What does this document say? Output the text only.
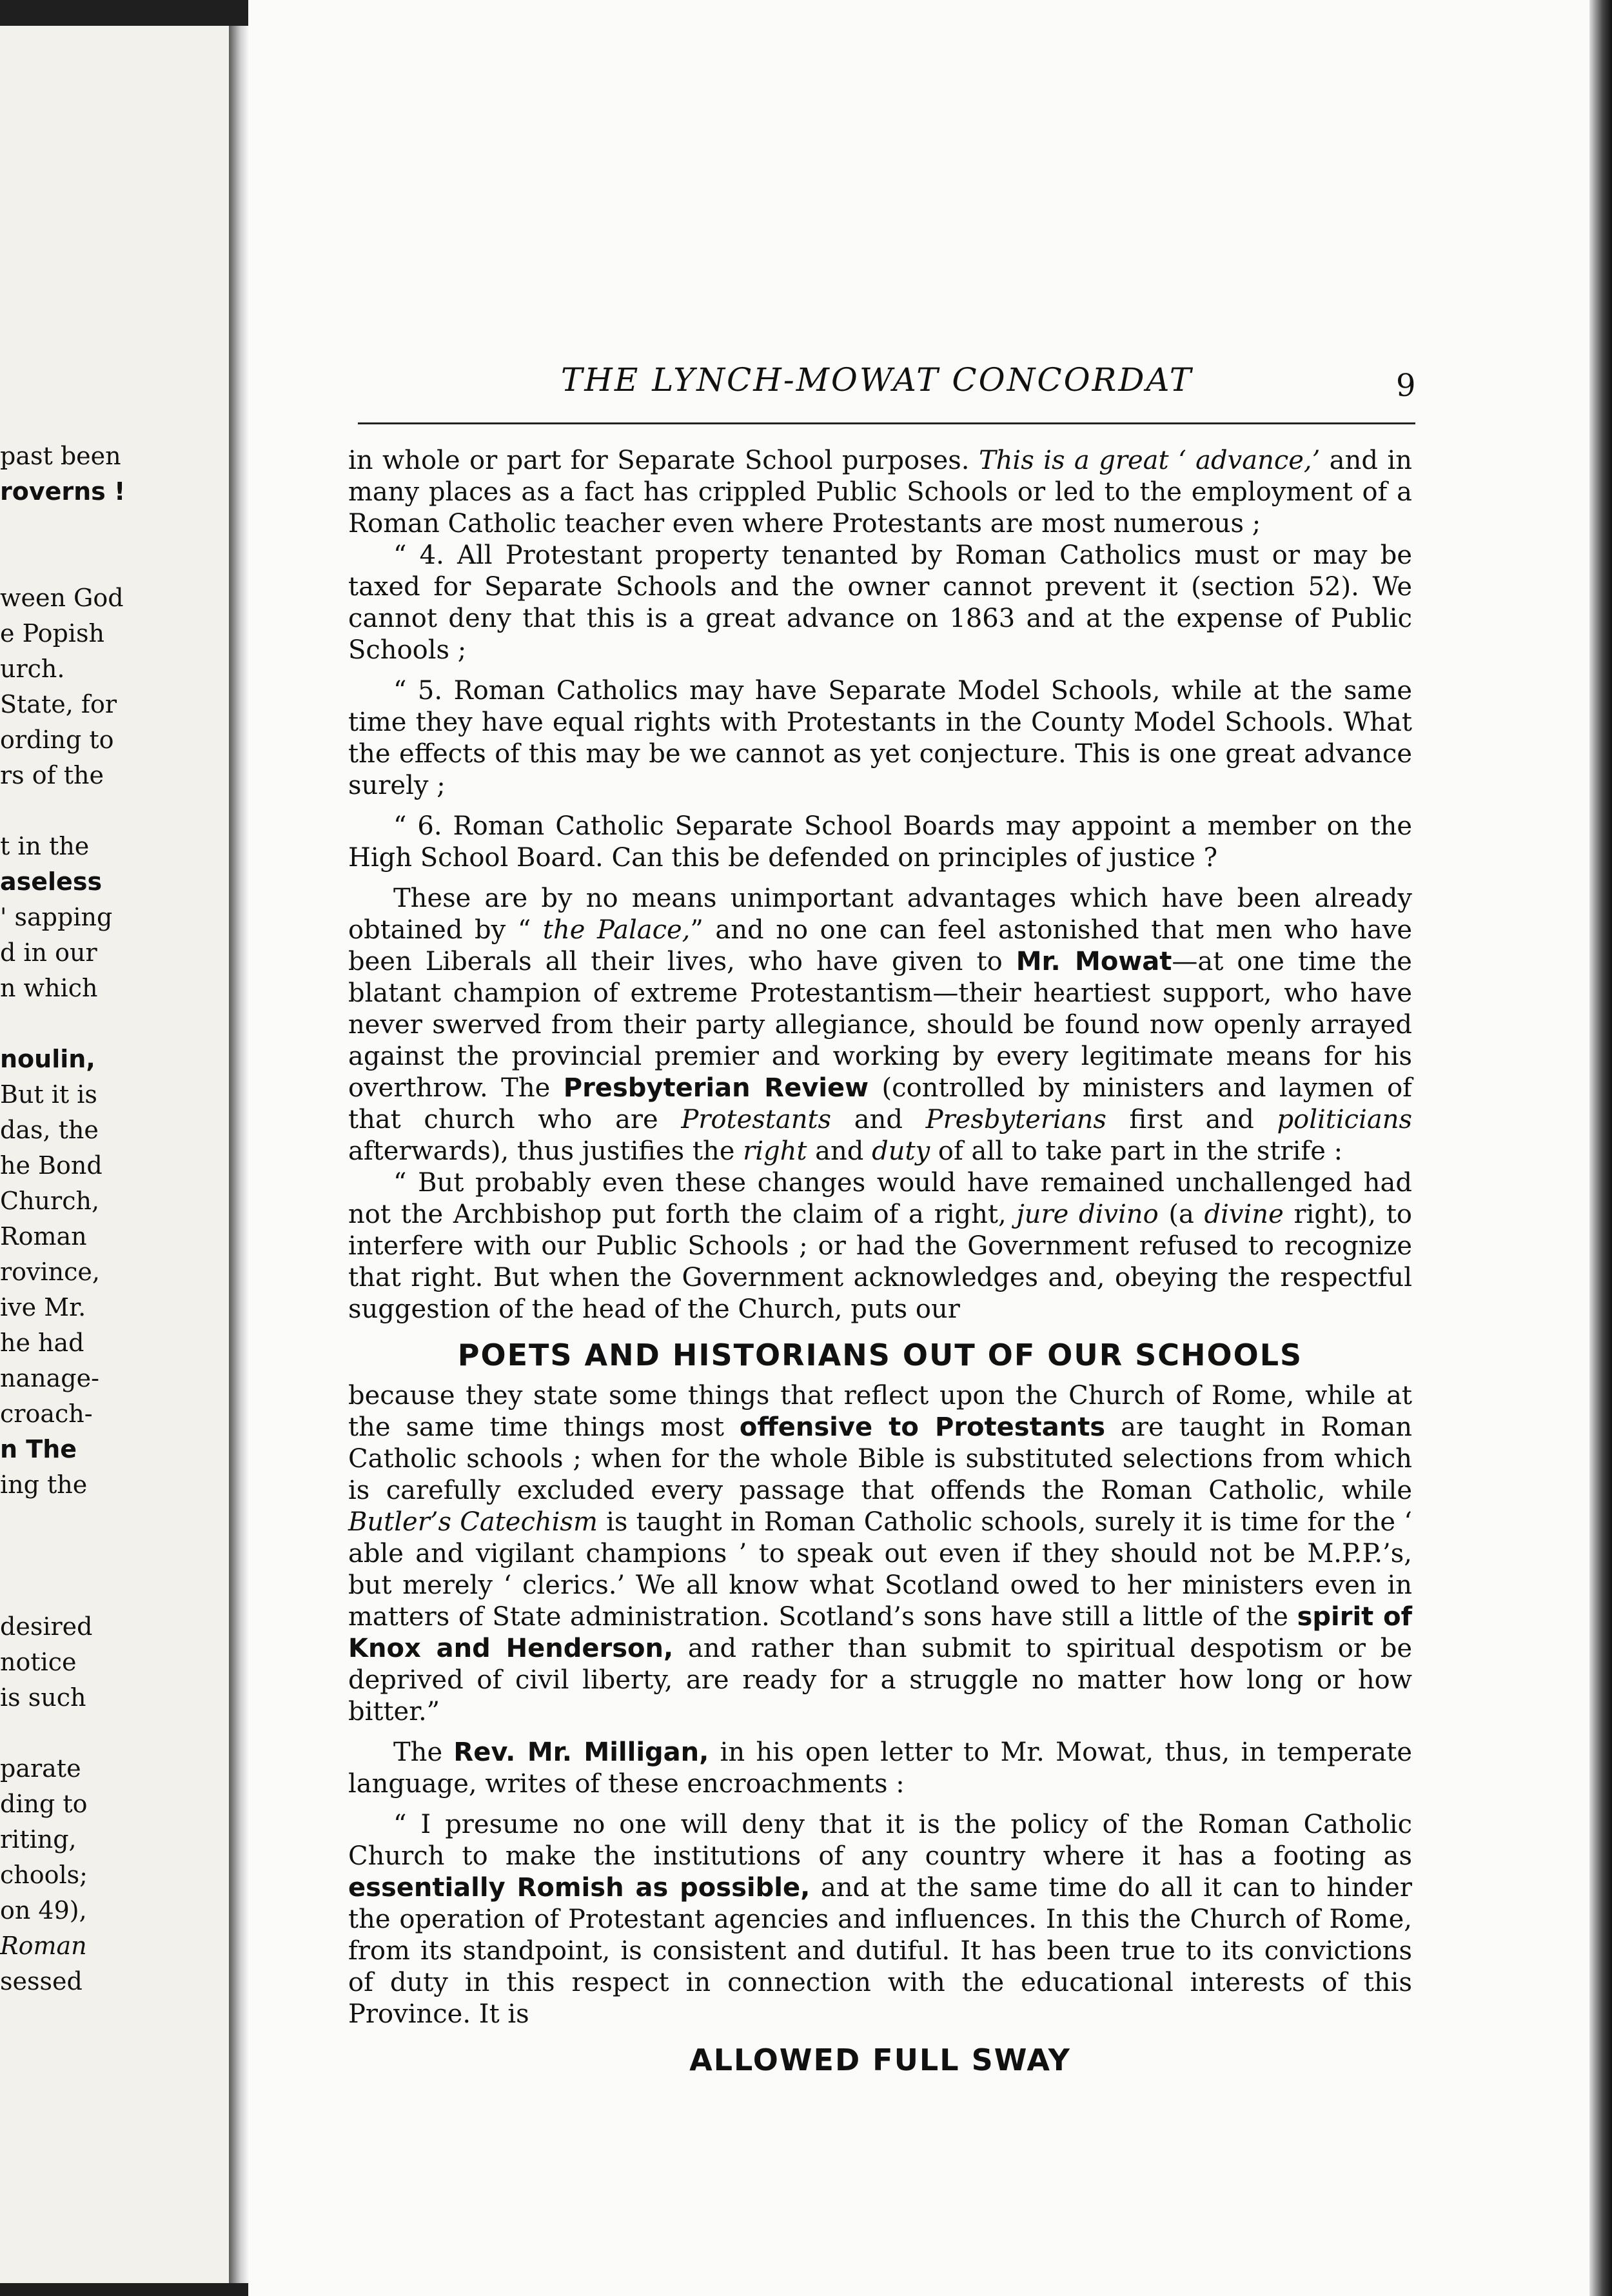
past been
roverns !
ween God
e Popish
urch.
State, for
ording to
rs of the
t in the
aseless
' sapping
d in our
n which
noulin,
But it is
das, the
he Bond
Church,
Roman
rovince,
ive Mr.
he had
nanage-
croach-
n The
ing the
desired
notice
is such
parate
ding to
riting,
chools;
on 49),
Roman
sessed
THE LYNCH-MOWAT CONCORDAT	9

in whole or part for Separate School purposes. This is a great ‘ advance,’ and in many places as a fact has crippled Public Schools or led to the employment of a Roman Catholic teacher even where Protestants are most numerous ;

“ 4. All Protestant property tenanted by Roman Catholics must or may be taxed for Separate Schools and the owner cannot prevent it (section 52). We cannot deny that this is a great advance on 1863 and at the expense of Public Schools ;

“ 5. Roman Catholics may have Separate Model Schools, while at the same time they have equal rights with Protestants in the County Model Schools. What the effects of this may be we cannot as yet conjecture. This is one great advance surely ;

“ 6. Roman Catholic Separate School Boards may appoint a member on the High School Board. Can this be defended on principles of justice ?

These are by no means unimportant advantages which have been already obtained by “ the Palace,” and no one can feel astonished that men who have been Liberals all their lives, who have given to Mr. Mowat—at one time the blatant champion of extreme Protestantism—their heartiest support, who have never swerved from their party allegiance, should be found now openly arrayed against the provincial premier and working by every legitimate means for his overthrow. The Presbyterian Review (controlled by ministers and laymen of that church who are Protestants and Presbyterians first and politicians afterwards), thus justifies the right and duty of all to take part in the strife :

“ But probably even these changes would have remained unchallenged had not the Archbishop put forth the claim of a right, jure divino (a divine right), to interfere with our Public Schools ; or had the Government refused to recognize that right. But when the Government acknowledges and, obeying the respectful suggestion of the head of the Church, puts our

POETS AND HISTORIANS OUT OF OUR SCHOOLS

because they state some things that reflect upon the Church of Rome, while at the same time things most offensive to Protestants are taught in Roman Catholic schools ; when for the whole Bible is substituted selections from which is carefully excluded every passage that offends the Roman Catholic, while Butler’s Catechism is taught in Roman Catholic schools, surely it is time for the ‘ able and vigilant champions ’ to speak out even if they should not be M.P.P.’s, but merely ‘ clerics.’ We all know what Scotland owed to her ministers even in matters of State administration. Scotland’s sons have still a little of the spirit of Knox and Henderson, and rather than submit to spiritual despotism or be deprived of civil liberty, are ready for a struggle no matter how long or how bitter.”

The Rev. Mr. Milligan, in his open letter to Mr. Mowat, thus, in temperate language, writes of these encroachments :

“ I presume no one will deny that it is the policy of the Roman Catholic Church to make the institutions of any country where it has a footing as essentially Romish as possible, and at the same time do all it can to hinder the operation of Protestant agencies and influences. In this the Church of Rome, from its standpoint, is consistent and dutiful. It has been true to its convictions of duty in this respect in connection with the educational interests of this Province. It is

ALLOWED FULL SWAY
